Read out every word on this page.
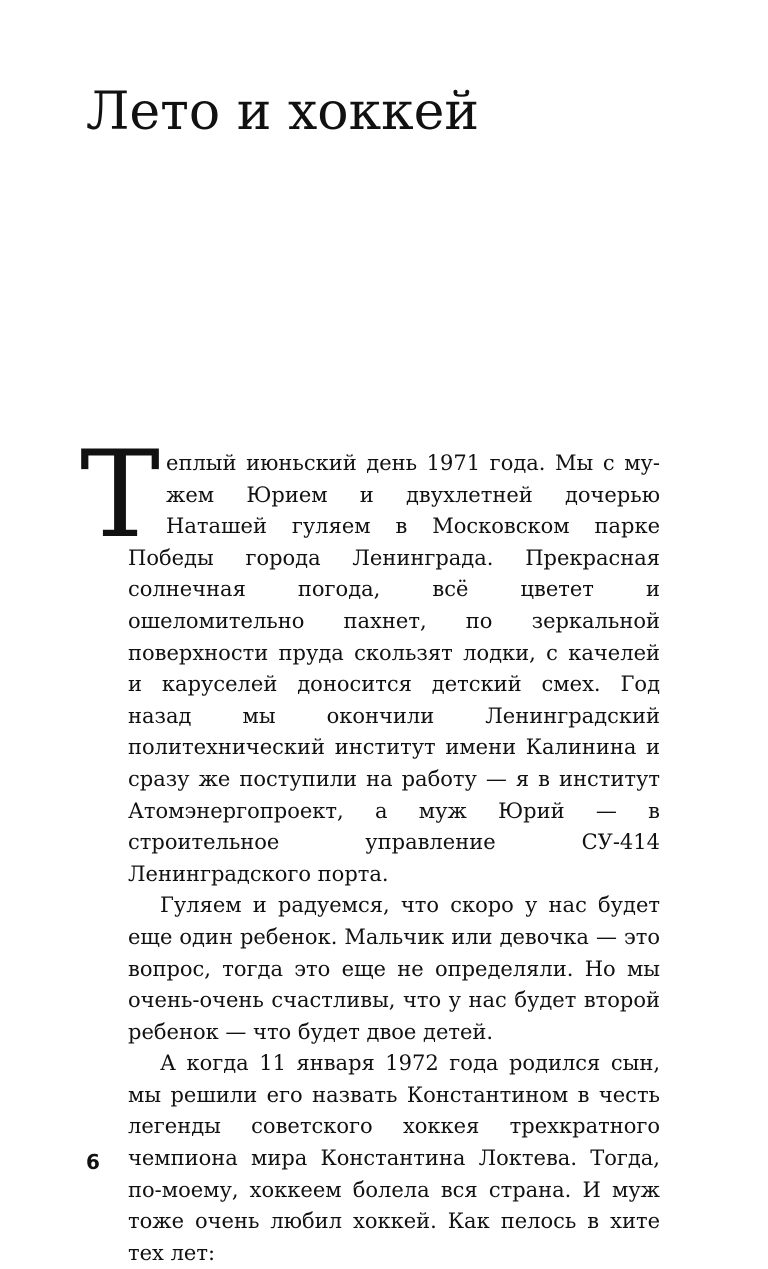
Лето и хоккей

Теплый июньский день 1971 года. Мы с мужем Юрием и двухлетней дочерью Наташей гуляем в Московском парке Победы города Ленинграда. Прекрасная солнечная погода, всё цветет и ошеломительно пахнет, по зеркальной поверхности пруда скользят лодки, с качелей и каруселей доносится детский смех. Год назад мы окончили Ленинградский политехнический институт имени Калинина и сразу же поступили на работу — я в институт Атомэнергопроект, а муж Юрий — в строительное управление СУ-414 Ленинградского порта.

Гуляем и радуемся, что скоро у нас будет еще один ребенок. Мальчик или девочка — это вопрос, тогда это еще не определяли. Но мы очень-очень счастливы, что у нас будет второй ребенок — что будет двое детей.

А когда 11 января 1972 года родился сын, мы решили его назвать Константином в честь легенды советского хоккея трехкратного чемпиона мира Константина Локтева. Тогда, по-моему, хоккеем болела вся страна. И муж тоже очень любил хоккей. Как пелось в хите тех лет:

6
